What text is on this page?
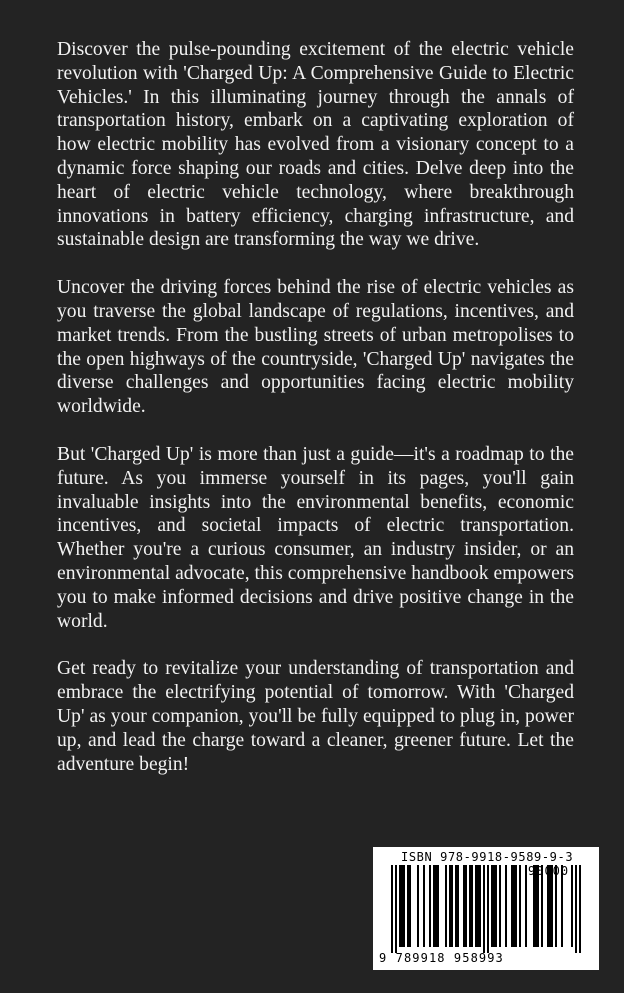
Discover the pulse-pounding excitement of the electric vehicle revolution with 'Charged Up: A Comprehensive Guide to Electric Vehicles.' In this illuminating journey through the annals of transportation history, embark on a captivating exploration of how electric mobility has evolved from a visionary concept to a dynamic force shaping our roads and cities. Delve deep into the heart of electric vehicle technology, where breakthrough innovations in battery efficiency, charging infrastructure, and sustainable design are transforming the way we drive.

Uncover the driving forces behind the rise of electric vehicles as you traverse the global landscape of regulations, incentives, and market trends. From the bustling streets of urban metropolises to the open highways of the countryside, 'Charged Up' navigates the diverse challenges and opportunities facing electric mobility worldwide.

But 'Charged Up' is more than just a guide—it's a roadmap to the future. As you immerse yourself in its pages, you'll gain invaluable insights into the environmental benefits, economic incentives, and societal impacts of electric transportation. Whether you're a curious consumer, an industry insider, or an environmental advocate, this comprehensive handbook empowers you to make informed decisions and drive positive change in the world.

Get ready to revitalize your understanding of transportation and embrace the electrifying potential of tomorrow. With 'Charged Up' as your companion, you'll be fully equipped to plug in, power up, and lead the charge toward a cleaner, greener future. Let the adventure begin!

ISBN 978-9918-9589-9-3
90000
9 789918 958993
